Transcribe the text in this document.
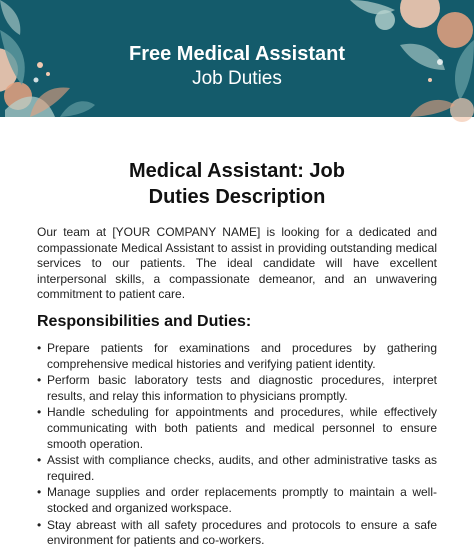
Free Medical Assistant
Job Duties
Medical Assistant: Job
Duties Description

Our team at [YOUR COMPANY NAME] is looking for a dedicated and compassionate Medical Assistant to assist in providing outstanding medical services to our patients. The ideal candidate will have excellent interpersonal skills, a compassionate demeanor, and an unwavering commitment to patient care.

Responsibilities and Duties:
• Prepare patients for examinations and procedures by gathering comprehensive medical histories and verifying patient identity.
• Perform basic laboratory tests and diagnostic procedures, interpret results, and relay this information to physicians promptly.
• Handle scheduling for appointments and procedures, while effectively communicating with both patients and medical personnel to ensure smooth operation.
• Assist with compliance checks, audits, and other administrative tasks as required.
• Manage supplies and order replacements promptly to maintain a well-stocked and organized workspace.
• Stay abreast with all safety procedures and protocols to ensure a safe environment for patients and co-workers.
